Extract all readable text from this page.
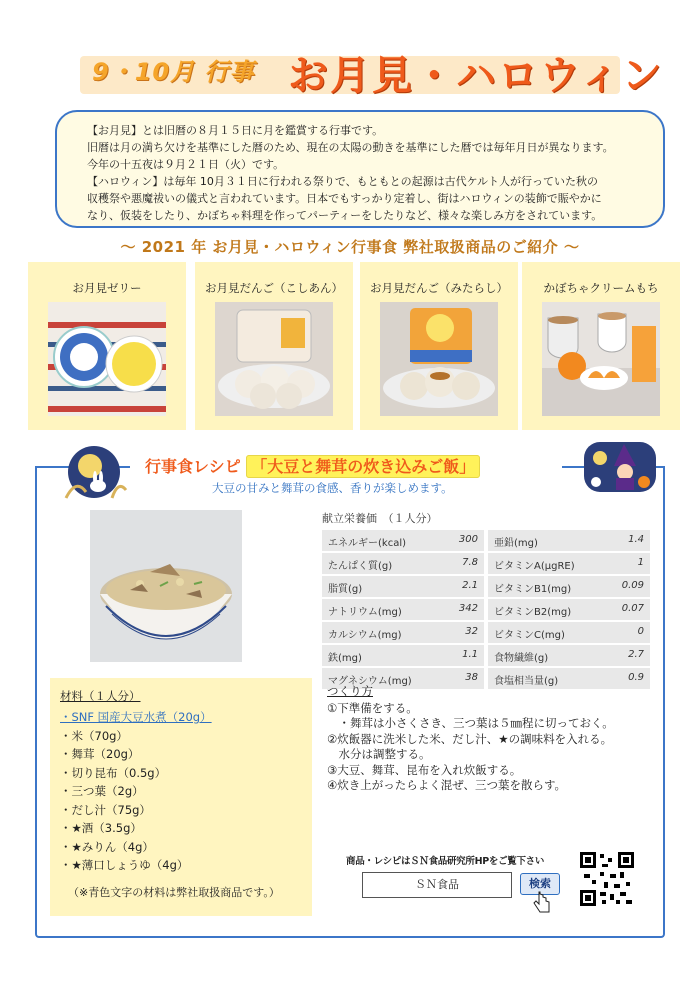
9・10月 行事 お月見・ハロウィン

【お月見】とは旧暦の８月１５日に月を鑑賞する行事です。

旧暦は月の満ち欠けを基準にした暦のため、現在の太陽の動きを基準にした暦では毎年月日が異なります。

今年の十五夜は９月２１日（火）です。

【ハロウィン】は毎年 10月３１日に行われる祭りで、もともとの起源は古代ケルト人が行っていた秋の

収穫祭や悪魔祓いの儀式と言われています。日本でもすっかり定着し、街はハロウィンの装飾で賑やかに

なり、仮装をしたり、かぼちゃ料理を作ってパーティーをしたりなど、様々な楽しみ方をされています。

～ 2021 年 お月見・ハロウィン行事食 弊社取扱商品のご紹介 ～
お月見ゼリー	お月見だんご（こしあん）	お月見だんご（みたらし）	かぼちゃクリームもち
行事食レシピ 「大豆と舞茸の炊き込みご飯」
大豆の甘みと舞茸の食感、香りが楽しめます。
献立栄養価　（１人分）
エネルギー(kcal)	300
たんぱく質(g)	7.8
脂質(g)	2.1
ナトリウム(mg)	342
カルシウム(mg)	32
鉄(mg)	1.1
マグネシウム(mg)	38
亜鉛(mg)	1.4
ビタミンA(μgRE)	1
ビタミンB1(mg)	0.09
ビタミンB2(mg)	0.07
ビタミンC(mg)	0
食物繊維(g)	2.7
食塩相当量(g)	0.9
材料（１人分）
・SNF 国産大豆水煮（20g）
・米（70g）
・舞茸（20g）
・切り昆布（0.5g）
・三つ葉（2g）
・だし汁（75g）
・★酒（3.5g）
・★みりん（4g）
・★薄口しょうゆ（4g）
（※青色文字の材料は弊社取扱商品です。）
つくり方
①下準備をする。
　・舞茸は小さくさき、三つ葉は５㎜程に切っておく。
②炊飯器に洗米した米、だし汁、★の調味料を入れる。
　水分は調整する。
③大豆、舞茸、昆布を入れ炊飯する。
④炊き上がったらよく混ぜ、三つ葉を散らす。
商品・レシピはＳＮ食品研究所HPをご覧下さい
ＳＮ食品	検索
